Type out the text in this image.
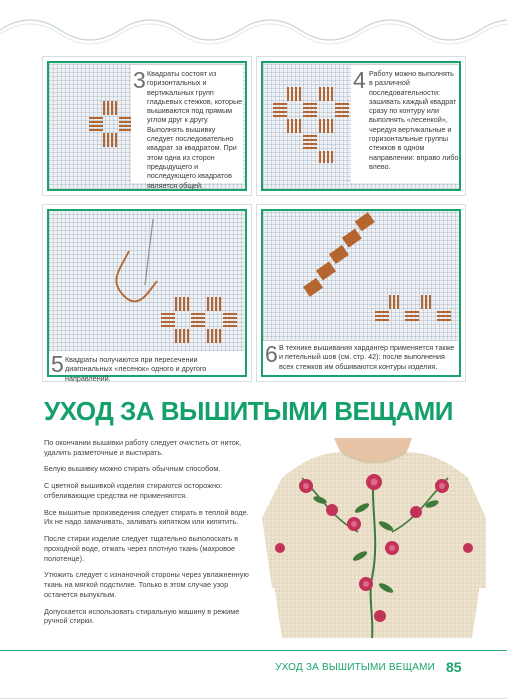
3 Квадраты состоят из горизонтальных и вертикальных групп гладьевых стежков, которые вышиваются под прямым углом друг к другу. Выполнять вышивку следует последовательно квадрат за квадратом. При этом одна из сторон предыдущего и последующего квадратов является общей.
4 Работу можно выполнять в различной последовательности: зашивать каждый квадрат сразу по контуру или выполнять «лесенкой», чередуя вертикальные и горизонтальные группы стежков в одном направлении: вправо либо влево.
5 Квадраты получаются при пересечении диагональных «лесенок» одного и другого направлений.
6 В технике вышивания хардангер применяется также и петельный шов (см. стр. 42): после выполнения всех стежков им обшиваются контуры изделия.
УХОД ЗА ВЫШИТЫМИ ВЕЩАМИ

По окончании вышивки работу следует очистить от ниток, удалить разметочные и выстирать.

Белую вышивку можно стирать обычным способом.

С цветной вышивкой изделия стираются осторожно: отбеливающие средства не применяются.

Все вышитые произведения следует стирать в теплой воде. Их не надо замачивать, заливать кипятком или кипятить.

После стирки изделие следует тщательно выполоскать в проходной воде, отжать через плотную ткань (махровое полотенце).

Утюжить следует с изнаночной стороны через увлажненную ткань на мягкой подстилке. Только в этом случае узор останется выпуклым.

Допускается использовать стиральную машину в режиме ручной стирки.

УХОД ЗА ВЫШИТЫМИ ВЕЩАМИ 85
